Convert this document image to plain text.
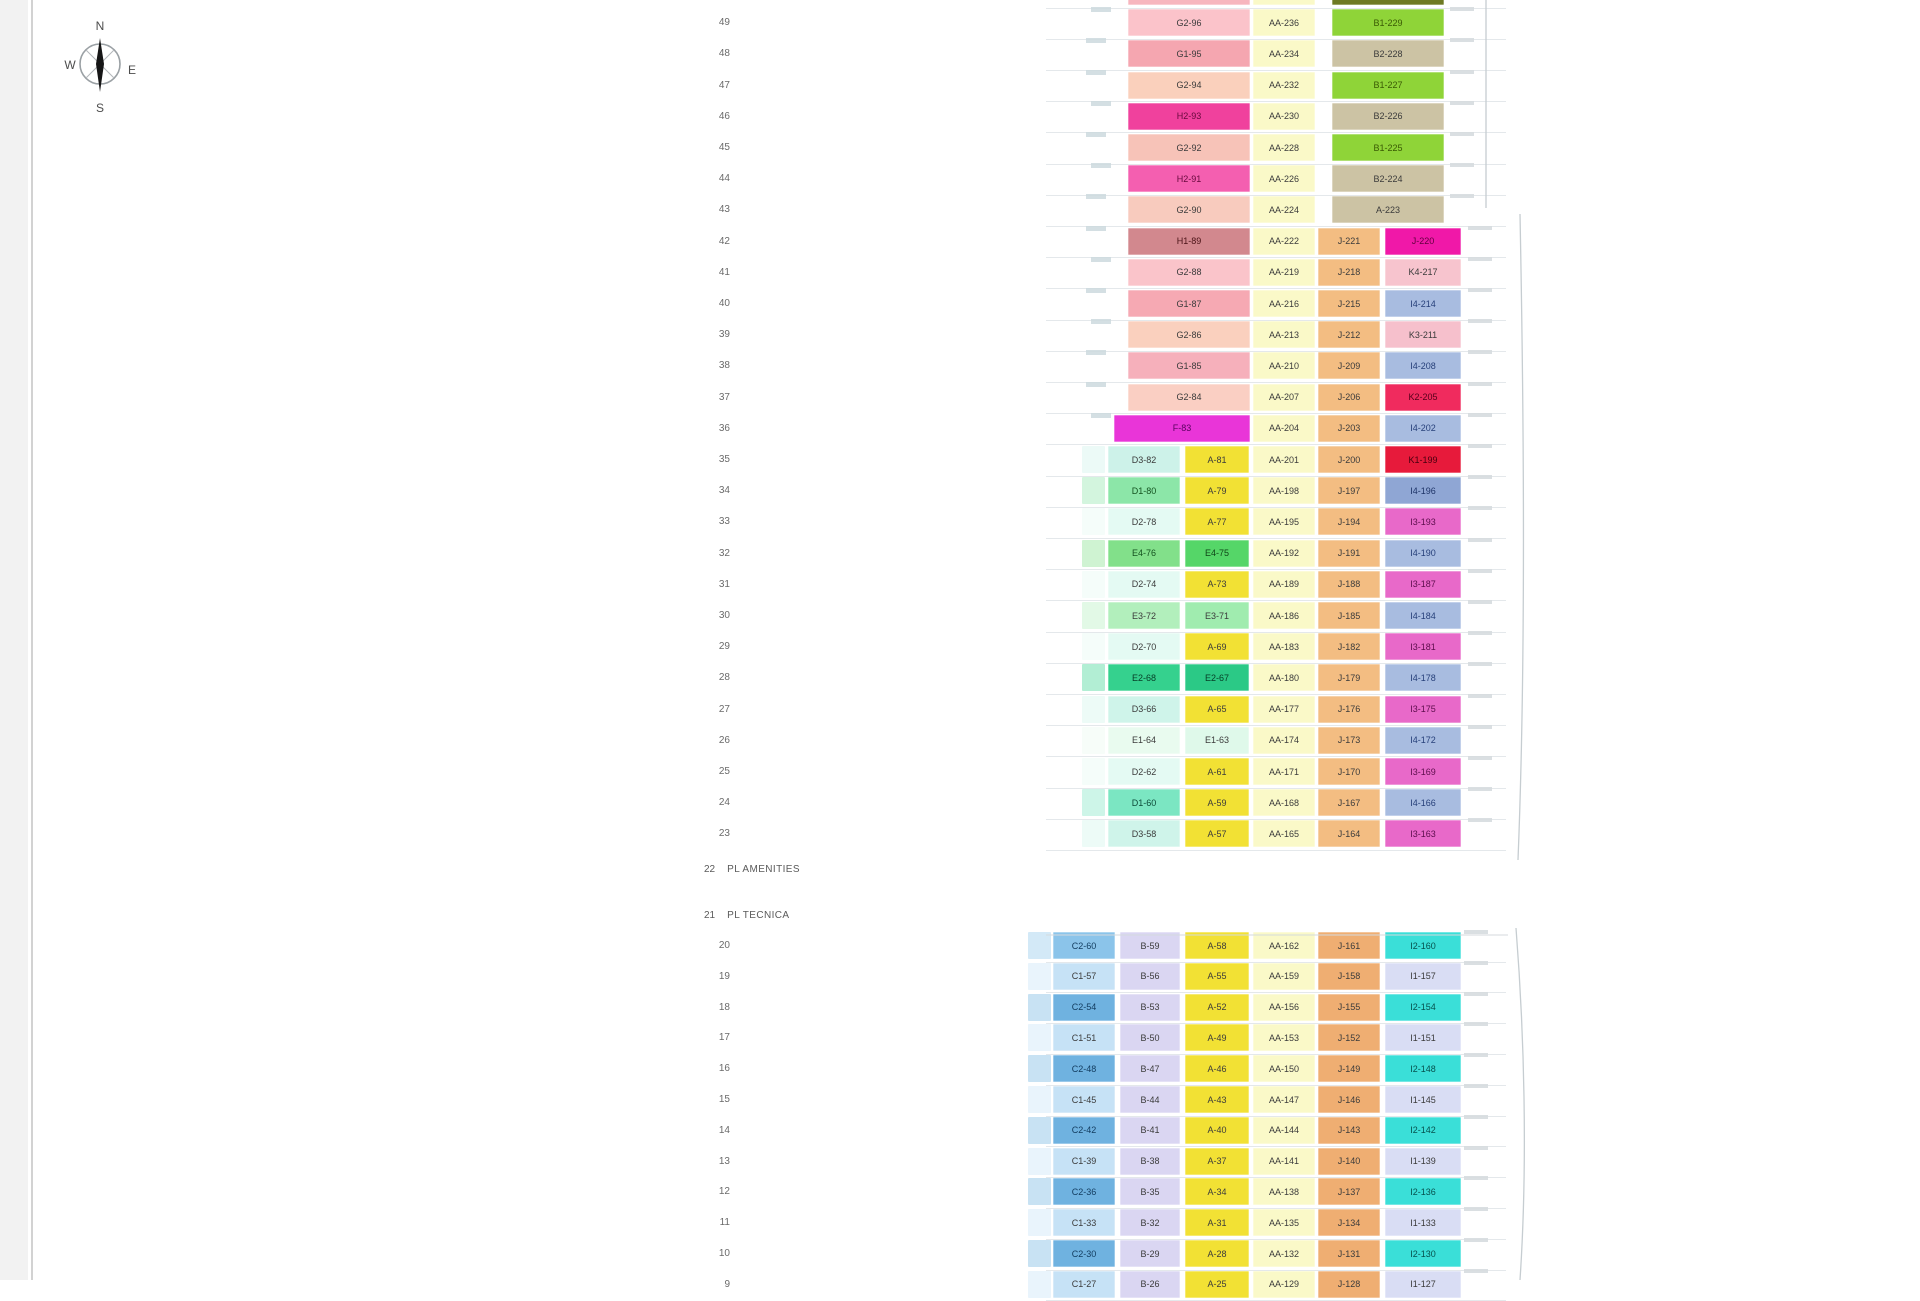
N
S
W	E
49	G2-96	AA-236	B1-229
48	G1-95	AA-234	B2-228
47	G2-94	AA-232	B1-227
46	H2-93	AA-230	B2-226
45	G2-92	AA-228	B1-225
44	H2-91	AA-226	B2-224
43	G2-90	AA-224	A-223
42	H1-89	AA-222	J-221	J-220
41	G2-88	AA-219	J-218	K4-217
40	G1-87	AA-216	J-215	I4-214
39	G2-86	AA-213	J-212	K3-211
38	G1-85	AA-210	J-209	I4-208
37	G2-84	AA-207	J-206	K2-205
36	F-83	AA-204	J-203	I4-202
35	D3-82	A-81	AA-201	J-200	K1-199
34	D1-80	A-79	AA-198	J-197	I4-196
33	D2-78	A-77	AA-195	J-194	I3-193
32	E4-76	E4-75	AA-192	J-191	I4-190
31	D2-74	A-73	AA-189	J-188	I3-187
30	E3-72	E3-71	AA-186	J-185	I4-184
29	D2-70	A-69	AA-183	J-182	I3-181
28	E2-68	E2-67	AA-180	J-179	I4-178
27	D3-66	A-65	AA-177	J-176	I3-175
26	E1-64	E1-63	AA-174	J-173	I4-172
25	D2-62	A-61	AA-171	J-170	I3-169
24	D1-60	A-59	AA-168	J-167	I4-166
23	D3-58	A-57	AA-165	J-164	I3-163
22 PL AMENITIES
21 PL TECNICA
20	C2-60	B-59	A-58	AA-162	J-161	I2-160
19	C1-57	B-56	A-55	AA-159	J-158	I1-157
18	C2-54	B-53	A-52	AA-156	J-155	I2-154
17	C1-51	B-50	A-49	AA-153	J-152	I1-151
16	C2-48	B-47	A-46	AA-150	J-149	I2-148
15	C1-45	B-44	A-43	AA-147	J-146	I1-145
14	C2-42	B-41	A-40	AA-144	J-143	I2-142
13	C1-39	B-38	A-37	AA-141	J-140	I1-139
12	C2-36	B-35	A-34	AA-138	J-137	I2-136
11	C1-33	B-32	A-31	AA-135	J-134	I1-133
10	C2-30	B-29	A-28	AA-132	J-131	I2-130
9	C1-27	B-26	A-25	AA-129	J-128	I1-127
